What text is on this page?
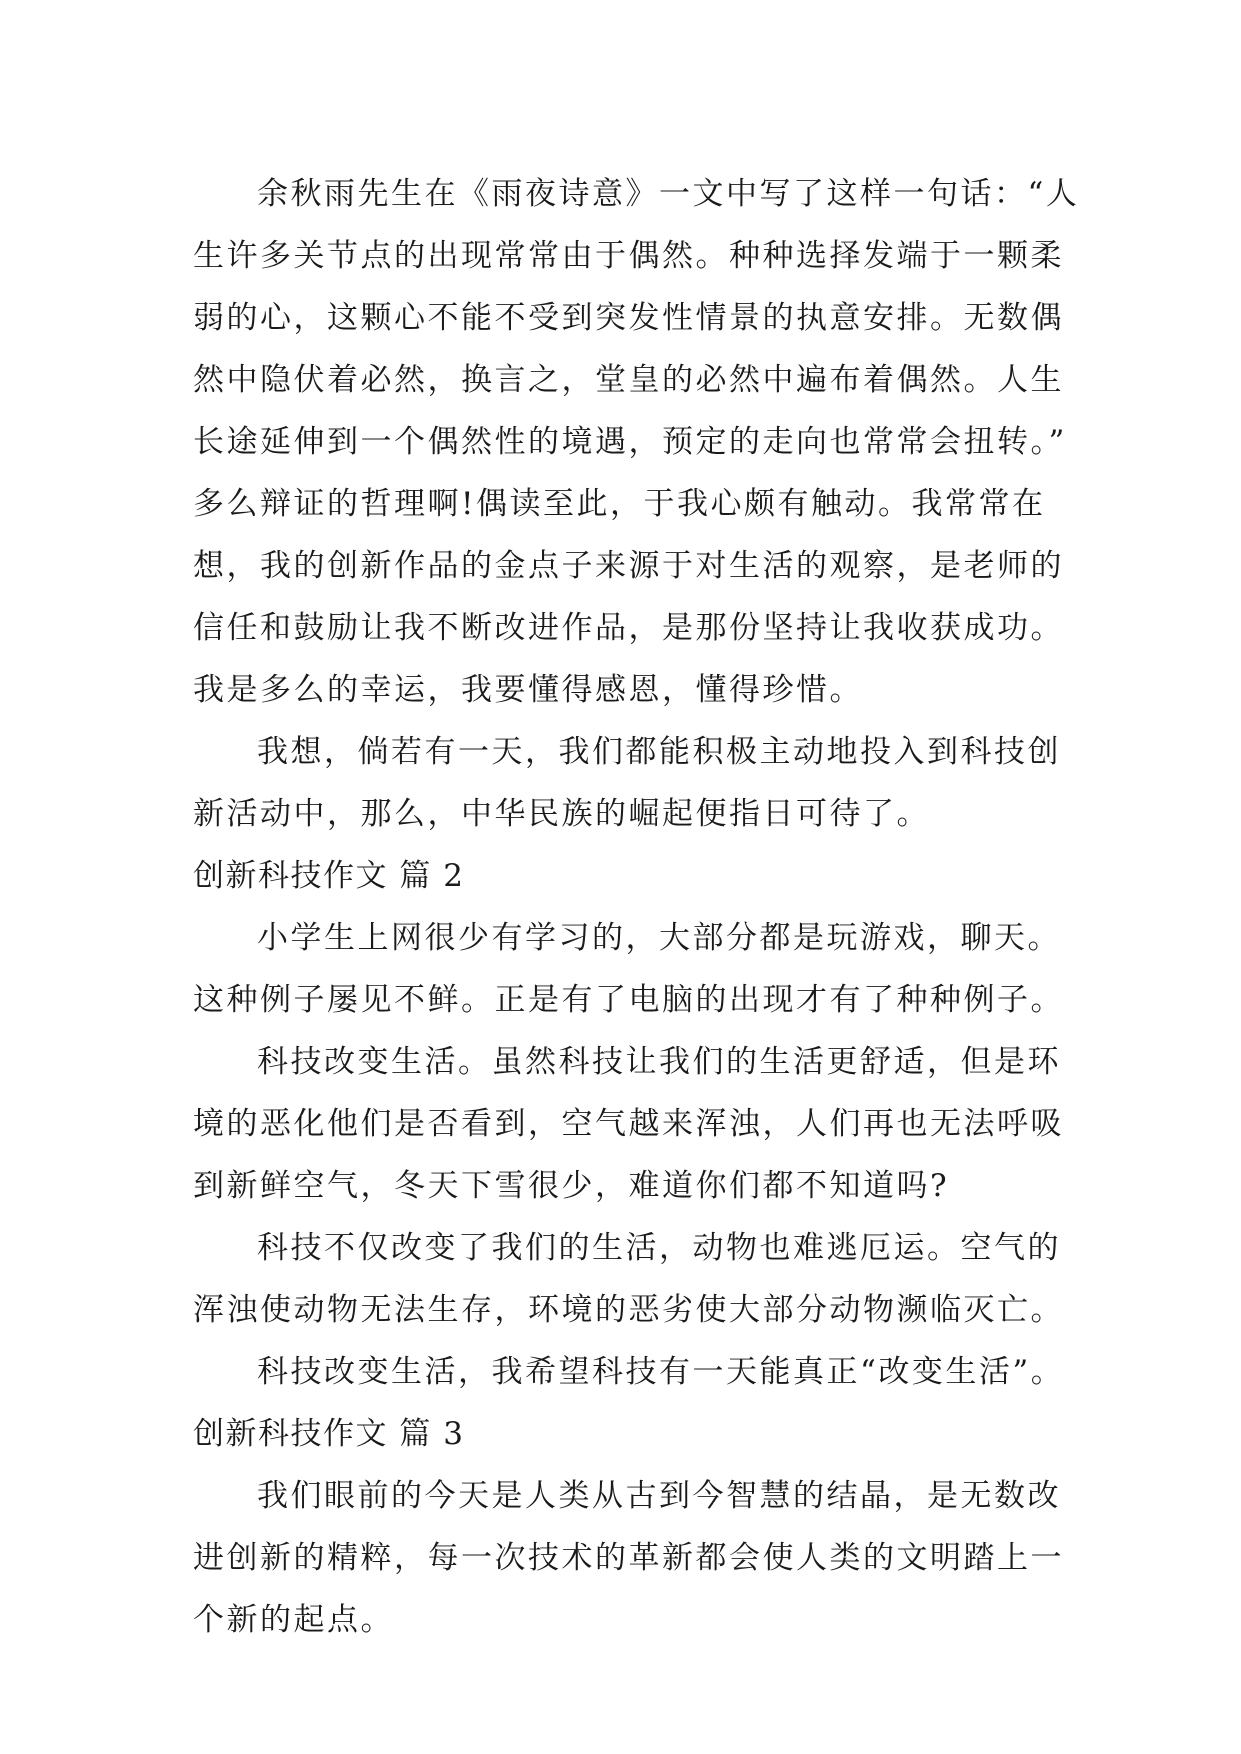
余秋雨先生在《雨夜诗意》一文中写了这样一句话：“人
生许多关节点的出现常常由于偶然。种种选择发端于一颗柔
弱的心，这颗心不能不受到突发性情景的执意安排。无数偶
然中隐伏着必然，换言之，堂皇的必然中遍布着偶然。人生
长途延伸到一个偶然性的境遇，预定的走向也常常会扭转。”
多么辩证的哲理啊!偶读至此，于我心颇有触动。我常常在
想，我的创新作品的金点子来源于对生活的观察，是老师的
信任和鼓励让我不断改进作品，是那份坚持让我收获成功。
我是多么的幸运，我要懂得感恩，懂得珍惜。

我想，倘若有一天，我们都能积极主动地投入到科技创
新活动中，那么，中华民族的崛起便指日可待了。

创新科技作文 篇 2

小学生上网很少有学习的，大部分都是玩游戏，聊天。
这种例子屡见不鲜。正是有了电脑的出现才有了种种例子。

科技改变生活。虽然科技让我们的生活更舒适，但是环
境的恶化他们是否看到，空气越来浑浊，人们再也无法呼吸
到新鲜空气，冬天下雪很少，难道你们都不知道吗?

科技不仅改变了我们的生活，动物也难逃厄运。空气的
浑浊使动物无法生存，环境的恶劣使大部分动物濒临灭亡。

科技改变生活，我希望科技有一天能真正“改变生活”。

创新科技作文 篇 3

我们眼前的今天是人类从古到今智慧的结晶，是无数改
进创新的精粹，每一次技术的革新都会使人类的文明踏上一
个新的起点。
